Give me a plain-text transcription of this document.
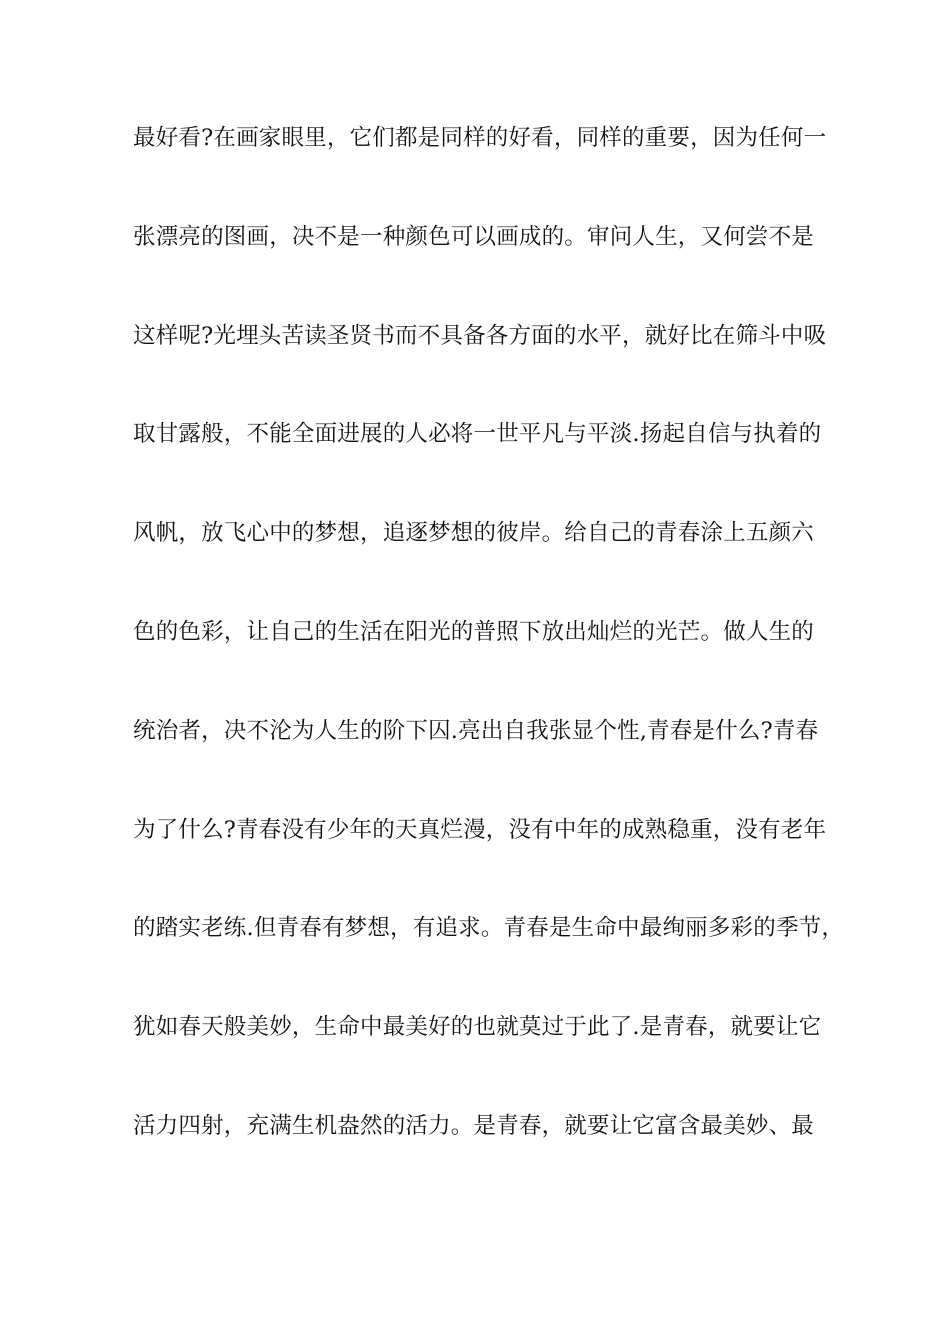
最好看?在画家眼里，它们都是同样的好看，同样的重要，因为任何一
张漂亮的图画，决不是一种颜色可以画成的。审问人生，又何尝不是
这样呢?光埋头苦读圣贤书而不具备各方面的水平，就好比在筛斗中吸
取甘露般，不能全面进展的人必将一世平凡与平淡.扬起自信与执着的
风帆，放飞心中的梦想，追逐梦想的彼岸。给自己的青春涂上五颜六
色的色彩，让自己的生活在阳光的普照下放出灿烂的光芒。做人生的
统治者，决不沦为人生的阶下囚.亮出自我张显个性,青春是什么?青春
为了什么?青春没有少年的天真烂漫，没有中年的成熟稳重，没有老年
的踏实老练.但青春有梦想，有追求。青春是生命中最绚丽多彩的季节，
犹如春天般美妙，生命中最美好的也就莫过于此了.是青春，就要让它
活力四射，充满生机盎然的活力。是青春，就要让它富含最美妙、最
